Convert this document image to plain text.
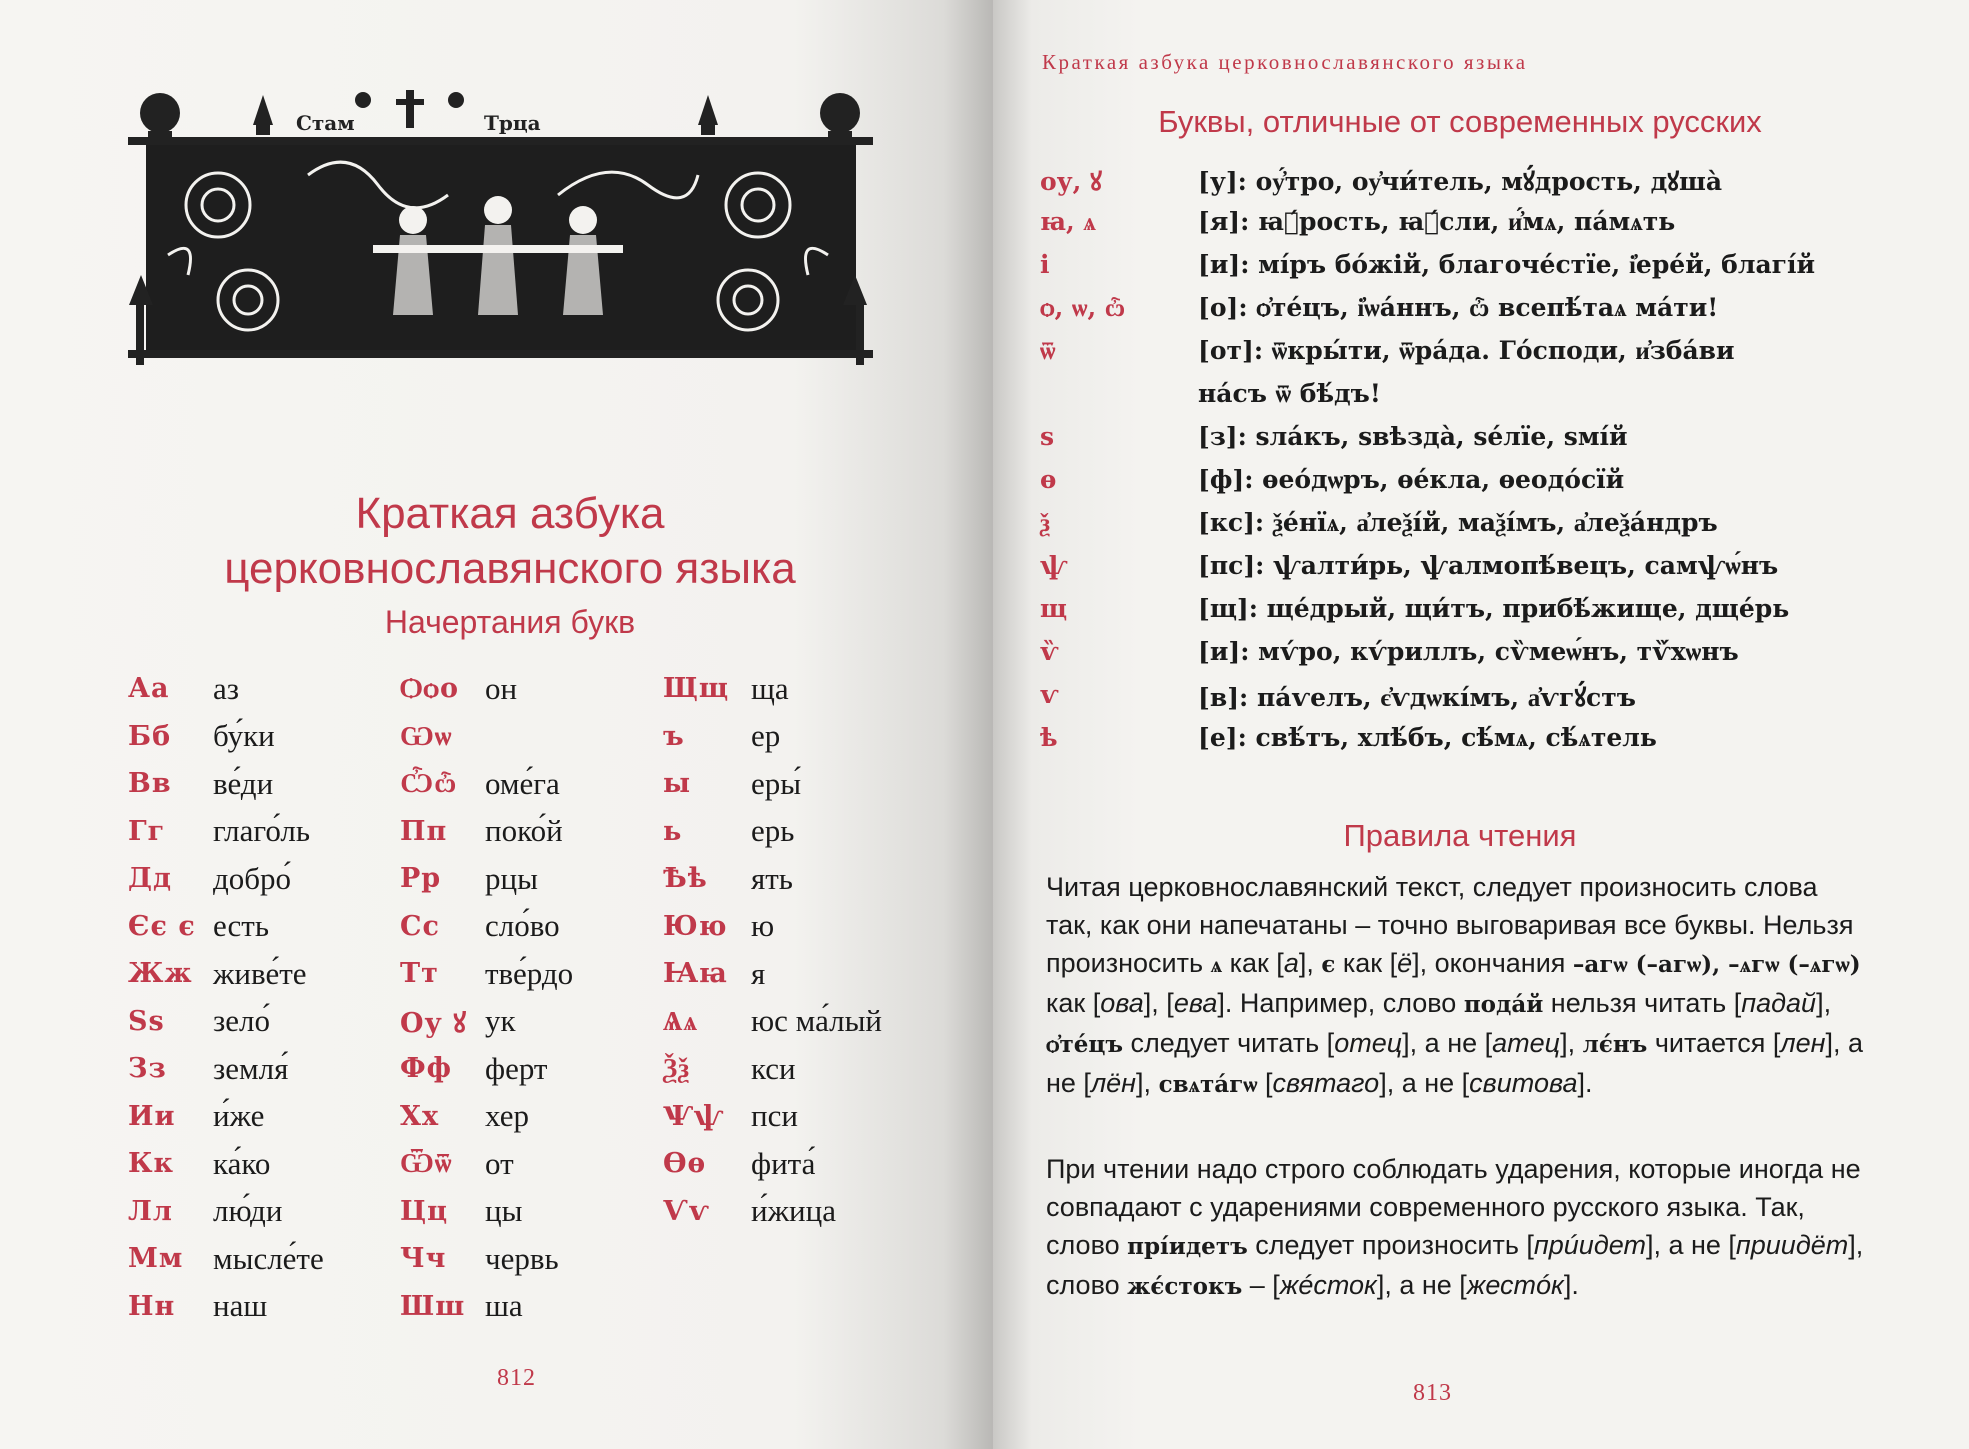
Стам	Трца
Краткая азбука
церковнославянского языка
Начертания букв
Аа	аз
Бб	бу́ки
Вв	ве́ди
Гг	глаго́ль
Дд	добро́
Єє є есть
Жж живе́те
Ѕѕ	зело́
Зз	земля́
Ии	и́же
Кк	ка́ко
Лл	лю́ди
Мм мысле́те
Нн	наш
Ѻѻо он
Ѡѡ
Ѽѽ оме́га
Пп	поко́й
Рр	рцы
Сс	сло́во
Тт	тве́рдо
Оу ꙋ ук
Фф	ферт
Хх	хер
Ѿѿ	от
Цц	цы
Чч	червь
Шш ша
Щщ ща
ъ	ер
ы	еры́
ь	ерь
Ѣѣ	ять
Юю ю
Ꙗꙗ я
Ѧѧ	юс ма́лый
Ѯѯ	кси
Ѱѱ пси
Ѳѳ	фита́
Ѵѵ	и́жица
812
Краткая азбука церковнославянского языка
Буквы, отличные от современных русских
оу, ꙋ	[у]: оу҆́тро, оу҆чи́тель, мꙋ́дрость, дꙋша̀
ꙗ, ѧ	[я]: ꙗ҆́рость, ꙗ҆́сли, и҆́мѧ, па́мѧть
і	[и]: мі́ръ бо́жій, благоче́стїе, і҆ере́й, благі́й
ѻ, ѡ, ѽ	[о]: ѻ҆те́цъ, і҆ѡа́ннъ, ѽ всепѣ́таѧ ма́ти!
ѿ	[от]: ѿкры́ти, ѿра́да. Го́споди, и҆зба́ви
на́съ ѿ бѣ́дъ!
ѕ	[з]: ѕла́къ, ѕвѣзда̀, ѕе́лїе, ѕмі́й
ѳ	[ф]: ѳео́дѡръ, ѳе́кла, ѳеодо́сїй
ѯ	[кс]: ѯе́нїѧ, а҆леѯі́й, маѯі́мъ, а҆леѯа́ндръ
ѱ	[пс]: ѱалти́рь, ѱалмопѣ́вецъ, самѱѡ́нъ
щ	[щ]: ще́дрый, щи́тъ, прибѣ́жище, дще́рь
ѷ	[и]: мѵ́ро, кѵ́риллъ, сѷмеѡ́нъ, тѷ́хѡнъ
ѵ	[в]: па́ѵелъ, є҆ѵдѡкі́мъ, а҆ѵгꙋ́стъ
ѣ	[е]: свѣ́тъ, хлѣ́бъ, сѣ́мѧ, сѣ́ѧтель
Правила чтения
Читая церковнославянский текст, следует произносить слова так, как они напечатаны – точно выговаривая все буквы. Нельзя произносить ѧ как [а], є как [ё], окончания –агѡ (–агѡ), –ѧгѡ (–ѧгѡ) как [ова], [ева]. Например, слово пода́й нельзя читать [падай], ѻ҆те́цъ следует читать [отец], а не [атец], лє́нъ читается [лен], а не [лён], свѧта́гѡ [святаго], а не [свитова].
При чтении надо строго соблюдать ударения, которые иногда не совпадают с ударениями современного русского языка. Так, слово прі́идетъ следует произносить [прúидет], а не [приидёт], слово жє́стокъ – [жéсток], а не [жестóк].
813
